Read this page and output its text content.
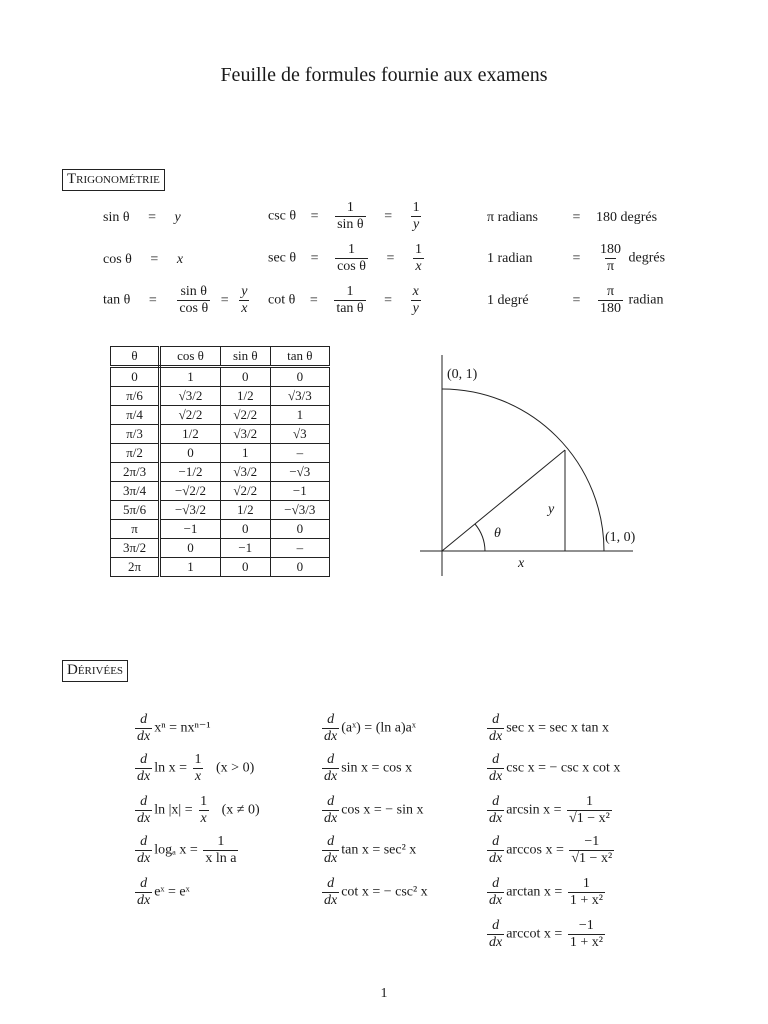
Feuille de formules fournie aux examens
Trigonométrie
sin θ = y
cos θ = x
$\tan \theta = \frac{\text{sin θ}}{\text{cos θ}} = \frac{y}{x}$
$\csc \theta = \frac{1}{\text{sin θ}} = \frac{1}{y}$
$\sec \theta = \frac{1}{\text{cos θ}} = \frac{1}{x}$
$\cot \theta = \frac{1}{\text{tan θ}} = \frac{x}{y}$
π radians = 180 degrés
1 radian	= $\frac{180}{\pi}$ degrés
1 degré	= $\frac{\pi}{180}$ radian
θ	cos θ	sin θ	tan θ
0	1	0	0
π/6	√3/2	1/2	√3/3
π/4	√2/2	√2/2	1
π/3	1/2	√3/2	√3
π/2	0	1	–
2π/3	−1/2	√3/2	−√3
3π/4	−√2/2	√2/2	−1
5π/6	−√3/2	1/2	−√3/3
π	−1	0	0
3π/2	0	−1	–
2π	1	0	0
(0, 1)
(1, 0)
θ
x
y
Dérivées
$\frac{d}{dx}$ xⁿ = nxⁿ⁻¹
$\frac{d}{dx}$ $\ln x = \frac{1}{x} (x > 0)$
$\frac{d}{dx}$ $\ln |x| = \frac{1}{x} (x \ne 0)$
$\frac{d}{dx}$ logₐ $x = \frac{1}{\text{x ln a}}$
$\frac{d}{dx}$ eˣ = eˣ
$\frac{d}{dx}$ (aˣ) = (ln a)aˣ
$\frac{d}{dx}$ sin x = cos x
$\frac{d}{dx}$ cos x = − sin x
$\frac{d}{dx}$ tan x = sec² x
$\frac{d}{dx}$ cot x = − csc² x
$\frac{d}{dx}$ sec x = sec x tan x
$\frac{d}{dx}$ csc x = − csc x cot x
$\frac{d}{dx}$ $\arcsin x = \frac{1}{\text{√1 − x²}}$
$\frac{d}{dx}$ $\arccos x = \frac{-1}{\text{√1 − x²}}$
$\frac{d}{dx}$ $\arctan x = \frac{1}{\text{1 + x²}}$
$\frac{d}{dx}$ arccot $x = \frac{-1}{\text{1 + x²}}$
1
